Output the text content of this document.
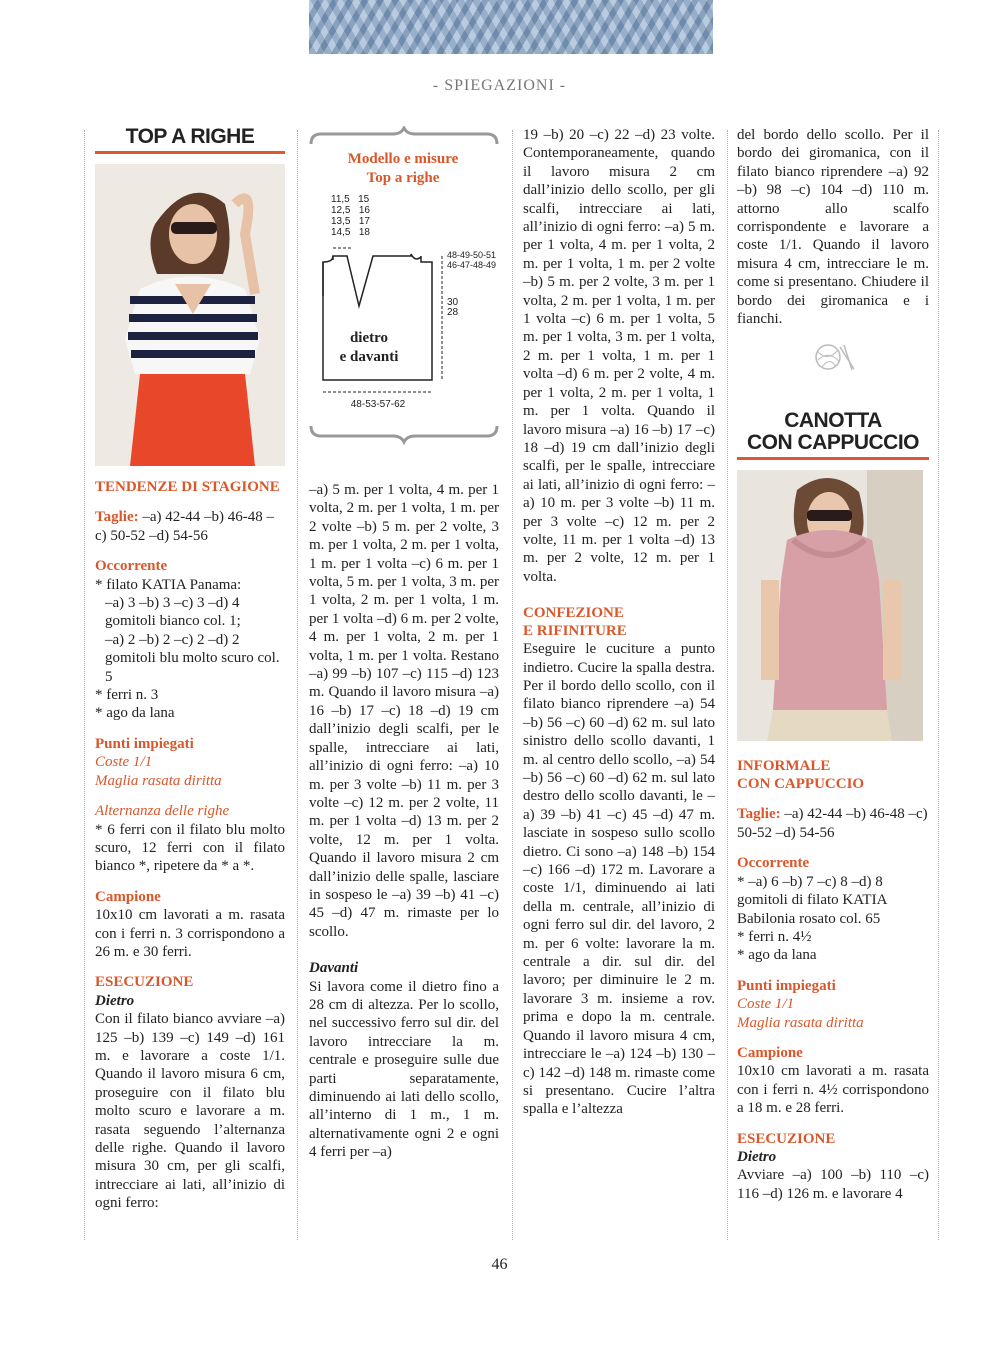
- SPIEGAZIONI -
TOP A RIGHE

TENDENZE DI STAGIONE

Taglie: –a) 42-44 –b) 46-48 –c) 50-52 –d) 54-56

Occorrente

* filato KATIA Panama:

–a) 3 –b) 3 –c) 3 –d) 4 gomitoli bianco col. 1;

–a) 2 –b) 2 –c) 2 –d) 2 gomitoli blu molto scuro col. 5

* ferri n. 3

* ago da lana

Punti impiegati

Coste 1/1

Maglia rasata diritta

Alternanza delle righe

* 6 ferri con il filato blu molto scuro, 12 ferri con il filato bianco *, ripetere da * a *.

Campione

10x10 cm lavorati a m. rasata con i ferri n. 3 corrispondono a 26 m. e 30 ferri.

ESECUZIONE

Dietro

Con il filato bianco avviare –a) 125 –b) 139 –c) 149 –d) 161 m. e lavorare a coste 1/1. Quando il lavoro misura 6 cm, proseguire con il filato blu molto scuro e lavorare a m. rasata seguendo l’alternanza delle righe. Quando il lavoro misura 30 cm, per gli scalfi, intrecciare ai lati, all’inizio di ogni ferro:

Modello e misure
Top a righe
11,5 15
12,5 16
13,5 17
14,5 18
48-49-50-51
46-47-48-49
30
28
dietro
e davanti
48-53-57-62

–a) 5 m. per 1 volta, 4 m. per 1 volta, 2 m. per 1 volta, 1 m. per 2 volte –b) 5 m. per 2 volte, 3 m. per 1 volta, 2 m. per 1 volta, 1 m. per 1 volta –c) 6 m. per 1 volta, 5 m. per 1 volta, 3 m. per 1 volta, 2 m. per 1 volta, 1 m. per 1 volta –d) 6 m. per 2 volte, 4 m. per 1 volta, 2 m. per 1 volta, 1 m. per 1 volta. Restano –a) 99 –b) 107 –c) 115 –d) 123 m. Quando il lavoro misura –a) 16 –b) 17 –c) 18 –d) 19 cm dall’inizio degli scalfi, per le spalle, intrecciare ai lati, all’inizio di ogni ferro: –a) 10 m. per 3 volte –b) 11 m. per 3 volte –c) 12 m. per 2 volte, 11 m. per 1 volta –d) 13 m. per 2 volte, 12 m. per 1 volta. Quando il lavoro misura 2 cm dall’inizio delle spalle, lasciare in sospeso le –a) 39 –b) 41 –c) 45 –d) 47 m. rimaste per lo scollo.

Davanti

Si lavora come il dietro fino a 28 cm di altezza. Per lo scollo, nel successivo ferro sul dir. del lavoro intrecciare la m. centrale e proseguire sulle due parti separatamente, diminuendo ai lati dello scollo, all’interno di 1 m., 1 m. alternativamente ogni 2 e ogni 4 ferri per –a)

19 –b) 20 –c) 22 –d) 23 volte. Contemporaneamente, quando il lavoro misura 2 cm dall’inizio dello scollo, per gli scalfi, intrecciare ai lati, all’inizio di ogni ferro: –a) 5 m. per 1 volta, 4 m. per 1 volta, 2 m. per 1 volta, 1 m. per 2 volte –b) 5 m. per 2 volte, 3 m. per 1 volta, 2 m. per 1 volta, 1 m. per 1 volta –c) 6 m. per 1 volta, 5 m. per 1 volta, 3 m. per 1 volta, 2 m. per 1 volta, 1 m. per 1 volta –d) 6 m. per 2 volte, 4 m. per 1 volta, 2 m. per 1 volta, 1 m. per 1 volta. Quando il lavoro misura –a) 16 –b) 17 –c) 18 –d) 19 cm dall’inizio degli scalfi, per le spalle, intrecciare ai lati, all’inizio di ogni ferro: –a) 10 m. per 3 volte –b) 11 m. per 3 volte –c) 12 m. per 2 volte, 11 m. per 1 volta –d) 13 m. per 2 volte, 12 m. per 1 volta.

CONFEZIONE
E RIFINITURE

Eseguire le cuciture a punto indietro. Cucire la spalla destra. Per il bordo dello scollo, con il filato bianco riprendere –a) 54 –b) 56 –c) 60 –d) 62 m. sul lato sinistro dello scollo davanti, 1 m. al centro dello scollo, –a) 54 –b) 56 –c) 60 –d) 62 m. sul lato destro dello scollo davanti, le –a) 39 –b) 41 –c) 45 –d) 47 m. lasciate in sospeso sullo scollo dietro. Ci sono –a) 148 –b) 154 –c) 166 –d) 172 m. Lavorare a coste 1/1, diminuendo ai lati della m. centrale, all’inizio di ogni ferro sul dir. del lavoro, 2 m. per 6 volte: lavorare la m. centrale a dir. sul dir. del lavoro; per diminuire le 2 m. lavorare 3 m. insieme a rov. prima e dopo la m. centrale. Quando il lavoro misura 4 cm, intrecciare le –a) 124 –b) 130 –c) 142 –d) 148 m. rimaste come si presentano. Cucire l’altra spalla e l’altezza

del bordo dello scollo. Per il bordo dei giromanica, con il filato bianco riprendere –a) 92 –b) 98 –c) 104 –d) 110 m. attorno allo scalfo corrispondente e lavorare a coste 1/1. Quando il lavoro misura 4 cm, intrecciare le m. come si presentano. Chiudere il bordo dei giromanica e i fianchi.

CANOTTA
CON CAPPUCCIO

INFORMALE
CON CAPPUCCIO

Taglie: –a) 42-44 –b) 46-48 –c) 50-52 –d) 54-56

Occorrente

* –a) 6 –b) 7 –c) 8 –d) 8 gomitoli di filato KATIA Babilonia rosato col. 65

* ferri n. 4½

* ago da lana

Punti impiegati

Coste 1/1

Maglia rasata diritta

Campione

10x10 cm lavorati a m. rasata con i ferri n. 4½ corrispondono a 18 m. e 28 ferri.

ESECUZIONE

Dietro

Avviare –a) 100 –b) 110 –c) 116 –d) 126 m. e lavorare 4

46
